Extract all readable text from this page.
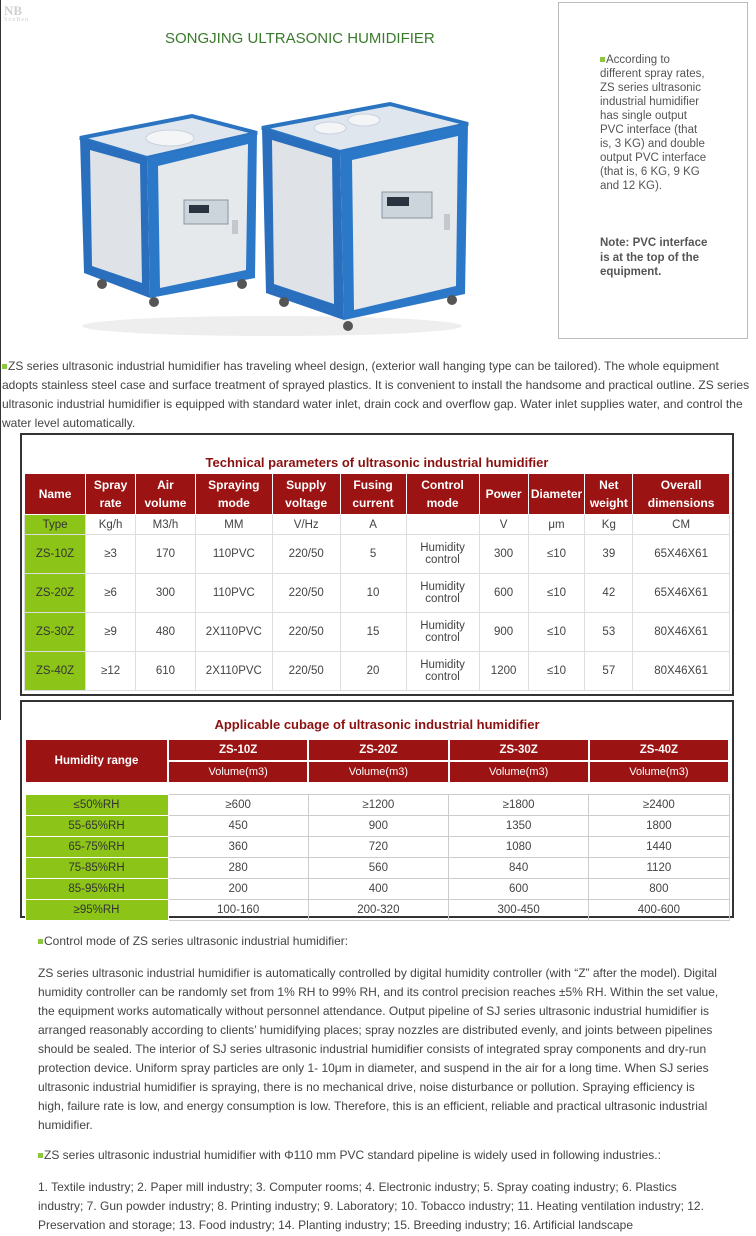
NB
SonBen
SONGJING ULTRASONIC HUMIDIFIER
According to different spray rates, ZS series ultrasonic industrial humidifier has single output PVC interface (that is, 3 KG) and double output PVC interface (that is, 6 KG, 9 KG and 12 KG).
Note: PVC interface is at the top of the equipment.
ZS series ultrasonic industrial humidifier has traveling wheel design, (exterior wall hanging type can be tailored). The whole equipment adopts stainless steel case and surface treatment of sprayed plastics. It is convenient to install the handsome and practical outline. ZS series ultrasonic industrial humidifier is equipped with standard water inlet, drain cock and overflow gap. Water inlet supplies water, and control the water level automatically.
Technical parameters of ultrasonic industrial humidifier
Name	Spray rate	Air volume	Spraying mode	Supply voltage	Fusing current	Control mode	Power	Diameter	Net weight	Overall dimensions
Type	Kg/h	M3/h	MM	V/Hz	A		V	μm	Kg	CM
ZS-10Z	≥3	170	110PVC	220/50	5	Humidity control	300	≤10	39	65X46X61
ZS-20Z	≥6	300	110PVC	220/50	10	Humidity control	600	≤10	42	65X46X61
ZS-30Z	≥9	480	2X110PVC	220/50	15	Humidity control	900	≤10	53	80X46X61
ZS-40Z	≥12	610	2X110PVC	220/50	20	Humidity control	1200	≤10	57	80X46X61
Applicable cubage of ultrasonic industrial humidifier
Humidity range	ZS-10Z	ZS-20Z	ZS-30Z	ZS-40Z
	Volume(m3)	Volume(m3)	Volume(m3)	Volume(m3)

≤50%RH	≥600	≥1200	≥1800	≥2400
55-65%RH	450	900	1350	1800
65-75%RH	360	720	1080	1440
75-85%RH	280	560	840	1120
85-95%RH	200	400	600	800
≥95%RH	100-160	200-320	300-450	400-600
Control mode of ZS series ultrasonic industrial humidifier:
ZS series ultrasonic industrial humidifier is automatically controlled by digital humidity controller (with “Z” after the model). Digital humidity controller can be randomly set from 1% RH to 99% RH, and its control precision reaches ±5% RH. Within the set value, the equipment works automatically without personnel attendance. Output pipeline of SJ series ultrasonic industrial humidifier is arranged reasonably according to clients’ humidifying places; spray nozzles are distributed evenly, and joints between pipelines should be sealed. The interior of SJ series ultrasonic industrial humidifier consists of integrated spray components and dry-run protection device. Uniform spray particles are only 1- 10μm in diameter, and suspend in the air for a long time. When SJ series ultrasonic industrial humidifier is spraying, there is no mechanical drive, noise disturbance or pollution. Spraying efficiency is high, failure rate is low, and energy consumption is low. Therefore, this is an efficient, reliable and practical ultrasonic industrial humidifier.
ZS series ultrasonic industrial humidifier with Φ110 mm PVC standard pipeline is widely used in following industries.:
1. Textile industry; 2. Paper mill industry; 3. Computer rooms; 4. Electronic industry; 5. Spray coating industry; 6. Plastics industry; 7. Gun powder industry; 8. Printing industry; 9. Laboratory; 10. Tobacco industry; 11. Heating ventilation industry; 12. Preservation and storage; 13. Food industry; 14. Planting industry; 15. Breeding industry; 16. Artificial landscape
